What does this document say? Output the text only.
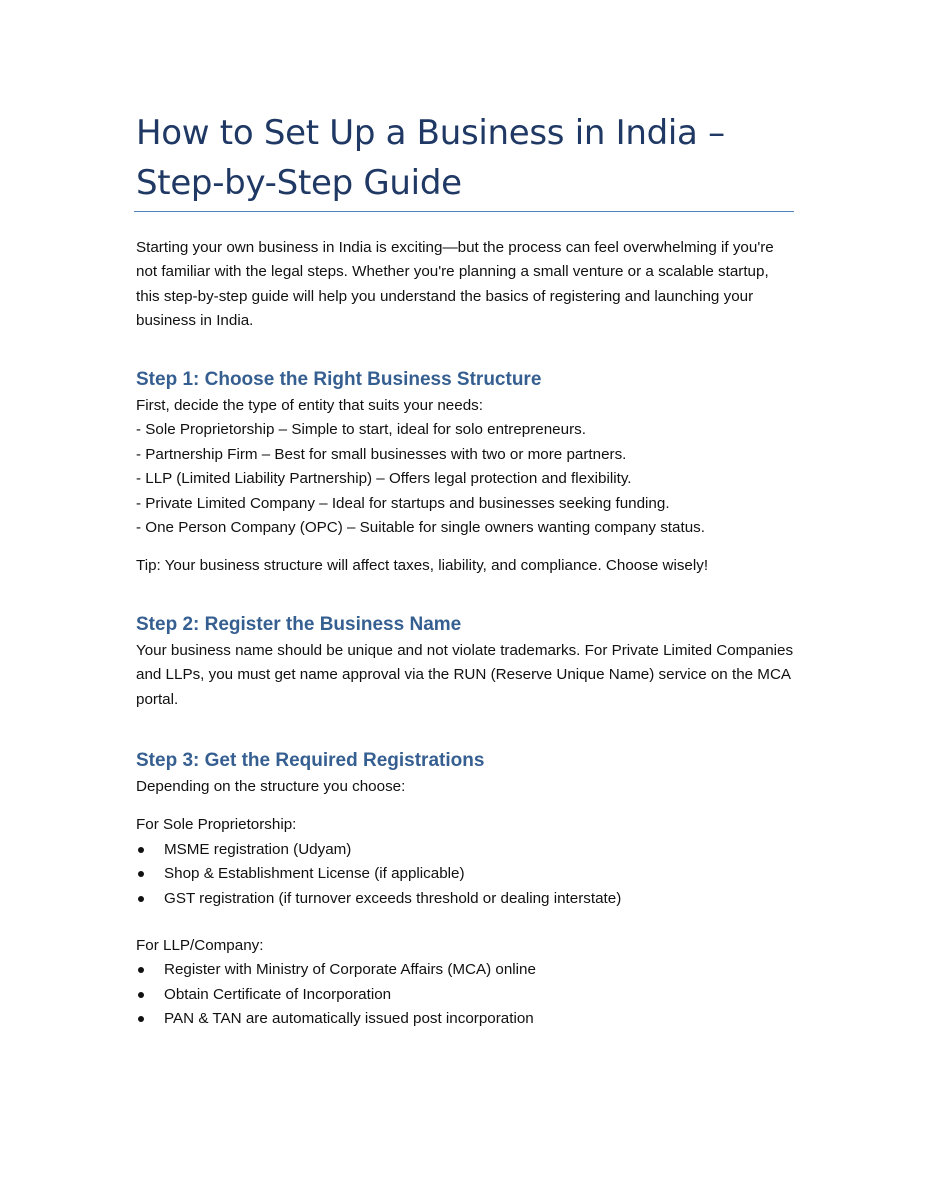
How to Set Up a Business in India –
Step-by-Step Guide

Starting your own business in India is exciting—but the process can feel overwhelming if you're not familiar with the legal steps. Whether you're planning a small venture or a scalable startup, this step-by-step guide will help you understand the basics of registering and launching your business in India.

Step 1: Choose the Right Business Structure

First, decide the type of entity that suits your needs:

- Sole Proprietorship – Simple to start, ideal for solo entrepreneurs.

- Partnership Firm – Best for small businesses with two or more partners.

- LLP (Limited Liability Partnership) – Offers legal protection and flexibility.

- Private Limited Company – Ideal for startups and businesses seeking funding.

- One Person Company (OPC) – Suitable for single owners wanting company status.

Tip: Your business structure will affect taxes, liability, and compliance. Choose wisely!

Step 2: Register the Business Name

Your business name should be unique and not violate trademarks. For Private Limited Companies and LLPs, you must get name approval via the RUN (Reserve Unique Name) service on the MCA portal.

Step 3: Get the Required Registrations

Depending on the structure you choose:

For Sole Proprietorship:

MSME registration (Udyam)
Shop & Establishment License (if applicable)
GST registration (if turnover exceeds threshold or dealing interstate)

For LLP/Company:

Register with Ministry of Corporate Affairs (MCA) online
Obtain Certificate of Incorporation
PAN & TAN are automatically issued post incorporation
